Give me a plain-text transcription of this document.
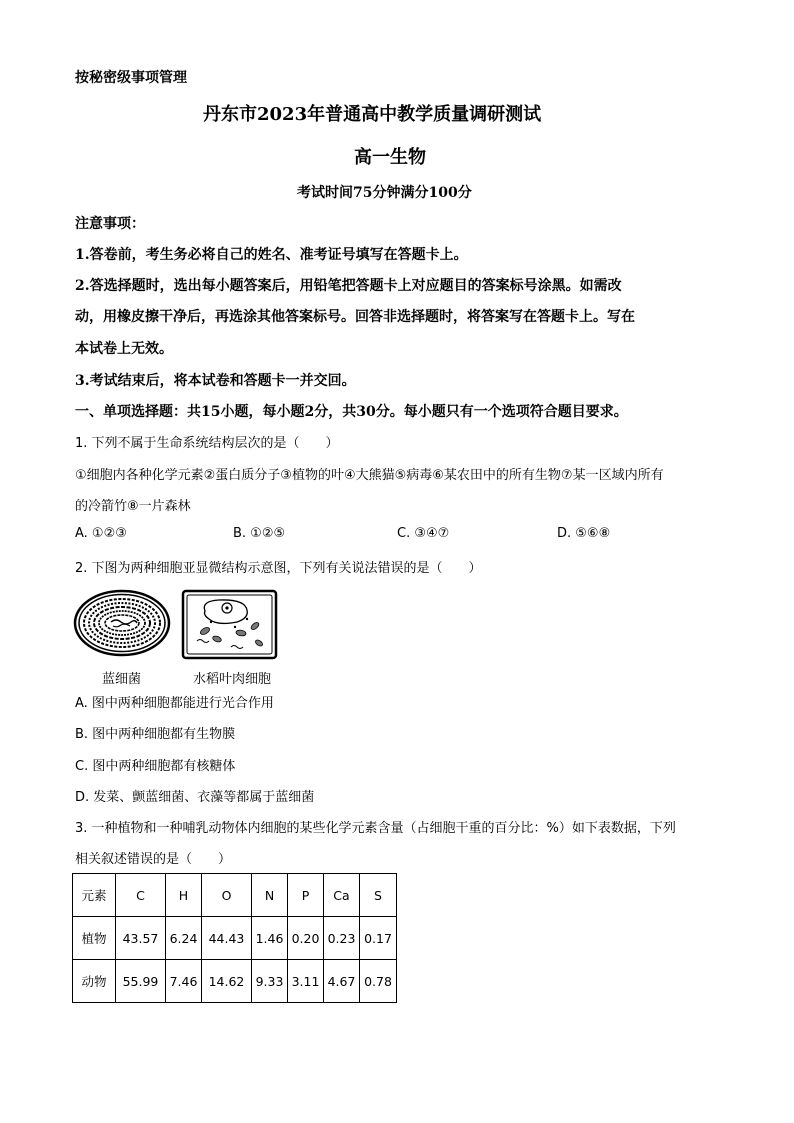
按秘密级事项管理
丹东市2023年普通高中教学质量调研测试
高一生物
考试时间75分钟满分100分
注意事项：
1.答卷前，考生务必将自己的姓名、准考证号填写在答题卡上。
2.答选择题时，选出每小题答案后，用铅笔把答题卡上对应题目的答案标号涂黑。如需改
动，用橡皮擦干净后，再选涂其他答案标号。回答非选择题时，将答案写在答题卡上。写在
本试卷上无效。
3.考试结束后，将本试卷和答题卡一并交回。
一、单项选择题：共15小题，每小题2分，共30分。每小题只有一个选项符合题目要求。
1. 下列不属于生命系统结构层次的是（　　）
①细胞内各种化学元素②蛋白质分子③植物的叶④大熊猫⑤病毒⑥某农田中的所有生物⑦某一区域内所有
的冷箭竹⑧一片森林
A. ①②③	B. ①②⑤	C. ③④⑦	D. ⑤⑥⑧
2. 下图为两种细胞亚显微结构示意图，下列有关说法错误的是（　　）
蓝细菌	水稻叶肉细胞
A. 图中两种细胞都能进行光合作用
B. 图中两种细胞都有生物膜
C. 图中两种细胞都有核糖体
D. 发菜、颤蓝细菌、衣藻等都属于蓝细菌
3. 一种植物和一种哺乳动物体内细胞的某些化学元素含量（占细胞干重的百分比：%）如下表数据，下列
相关叙述错误的是（　　）
元素	C	H	O	N	P	Ca	S
植物	43.57	6.24	44.43	1.46	0.20	0.23	0.17
动物	55.99	7.46	14.62	9.33	3.11	4.67	0.78
